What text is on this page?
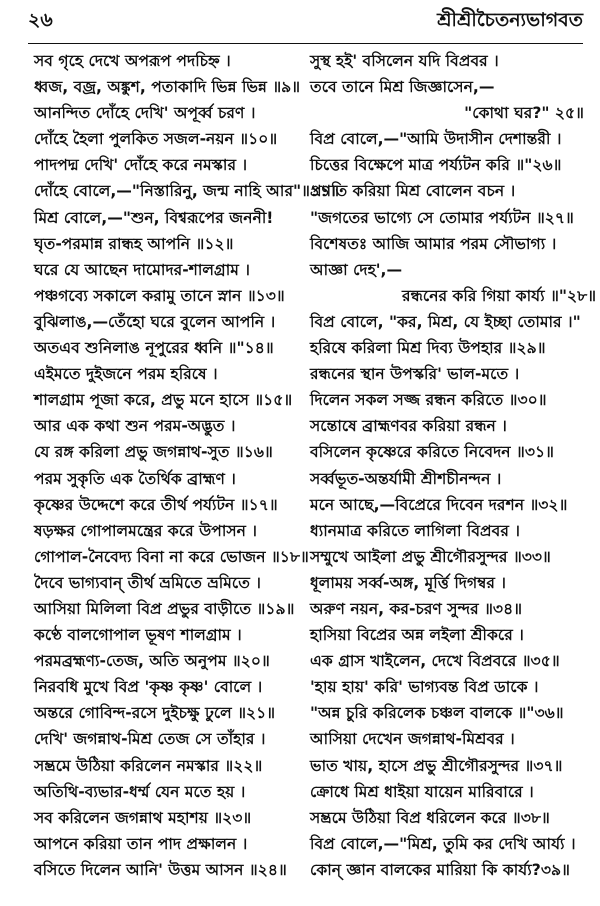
২৬	শ্রীশ্রীচৈতন্যভাগবত
সব গৃহে দেখে অপরূপ পদচিহ্ন ।
ধ্বজ, বজ্র, অঙ্কুশ, পতাকাদি ভিন্ন ভিন্ন ॥৯॥
আনন্দিত দোঁহে দেখি' অপূর্ব্ব চরণ ।
দোঁহে হৈলা পুলকিত সজল-নয়ন ॥১০॥
পাদপদ্ম দেখি' দোঁহে করে নমস্কার ।
দোঁহে বোলে,—"নিস্তারিনু, জন্ম নাহি আর"॥১১॥
মিশ্র বোলে,—"শুন, বিশ্বরূপের জননী!
ঘৃত-পরমান্ন রান্ধহ আপনি ॥১২॥
ঘরে যে আছেন দামোদর-শালগ্রাম ।
পঞ্চগব্যে সকালে করামু তানে স্নান ॥১৩॥
বুঝিলাঙ,—তেঁহো ঘরে বুলেন আপনি ।
অতএব শুনিলাঙ নূপুরের ধ্বনি ॥"১৪॥
এইমতে দুইজনে পরম হরিষে ।
শালগ্রাম পূজা করে, প্রভু মনে হাসে ॥১৫॥
আর এক কথা শুন পরম-অদ্ভুত ।
যে রঙ্গ করিলা প্রভু জগন্নাথ-সুত ॥১৬॥
পরম সুকৃতি এক তৈর্থিক ব্রাহ্মণ ।
কৃষ্ণের উদ্দেশে করে তীর্থ পর্য্যটন ॥১৭॥
ষড়ক্ষর গোপালমন্ত্রের করে উপাসন ।
গোপাল-নৈবেদ্য বিনা না করে ভোজন ॥১৮॥
দৈবে ভাগ্যবান্ তীর্থ ভ্রমিতে ভ্রমিতে ।
আসিয়া মিলিলা বিপ্র প্রভুর বাড়ীতে ॥১৯॥
কণ্ঠে বালগোপাল ভূষণ শালগ্রাম ।
পরমব্রহ্মণ্য-তেজ, অতি অনুপম ॥২০॥
নিরবধি মুখে বিপ্র 'কৃষ্ণ কৃষ্ণ' বোলে ।
অন্তরে গোবিন্দ-রসে দুইচক্ষু ঢুলে ॥২১॥
দেখি' জগন্নাথ-মিশ্র তেজ সে তাঁহার ।
সম্ভ্রমে উঠিয়া করিলেন নমস্কার ॥২২॥
অতিথি-ব্যভার-ধর্ম্ম যেন মতে হয় ।
সব করিলেন জগন্নাথ মহাশয় ॥২৩॥
আপনে করিয়া তান পাদ প্রক্ষালন ।
বসিতে দিলেন আনি' উত্তম আসন ॥২৪॥
সুস্থ হই' বসিলেন যদি বিপ্রবর ।
তবে তানে মিশ্র জিজ্ঞাসেন,—
"কোথা ঘর?" ২৫॥
বিপ্র বোলে,—"আমি উদাসীন দেশান্তরী ।
চিত্তের বিক্ষেপে মাত্র পর্য্যটন করি ॥"২৬॥
প্রণতি করিয়া মিশ্র বোলেন বচন ।
"জগতের ভাগ্যে সে তোমার পর্য্যটন ॥২৭॥
বিশেষতঃ আজি আমার পরম সৌভাগ্য ।
আজ্ঞা দেহ',—
রন্ধনের করি গিয়া কার্য্য ॥"২৮॥
বিপ্র বোলে, "কর, মিশ্র, যে ইচ্ছা তোমার ।"
হরিষে করিলা মিশ্র দিব্য উপহার ॥২৯॥
রন্ধনের স্থান উপস্করি' ভাল-মতে ।
দিলেন সকল সজ্জ রন্ধন করিতে ॥৩০॥
সন্তোষে ব্রাহ্মণবর করিয়া রন্ধন ।
বসিলেন কৃষ্ণেরে করিতে নিবেদন ॥৩১॥
সর্ব্বভূত-অন্তর্যামী শ্রীশচীনন্দন ।
মনে আছে,—বিপ্রেরে দিবেন দরশন ॥৩২॥
ধ্যানমাত্র করিতে লাগিলা বিপ্রবর ।
সম্মুখে আইলা প্রভু শ্রীগৌরসুন্দর ॥৩৩॥
ধূলাময় সর্ব্ব-অঙ্গ, মূর্ত্তি দিগম্বর ।
অরুণ নয়ন, কর-চরণ সুন্দর ॥৩৪॥
হাসিয়া বিপ্রের অন্ন লইলা শ্রীকরে ।
এক গ্রাস খাইলেন, দেখে বিপ্রবরে ॥৩৫॥
'হায় হায়' করি' ভাগ্যবন্ত বিপ্র ডাকে ।
"অন্ন চুরি করিলেক চঞ্চল বালকে ॥"৩৬॥
আসিয়া দেখেন জগন্নাথ-মিশ্রবর ।
ভাত খায়, হাসে প্রভু শ্রীগৌরসুন্দর ॥৩৭॥
ক্রোধে মিশ্র ধাইয়া যায়েন মারিবারে ।
সম্ভ্রমে উঠিয়া বিপ্র ধরিলেন করে ॥৩৮॥
বিপ্র বোলে,—"মিশ্র, তুমি কর দেখি আর্য্য ।
কোন্ জ্ঞান বালকের মারিয়া কি কার্য্য?৩৯॥
